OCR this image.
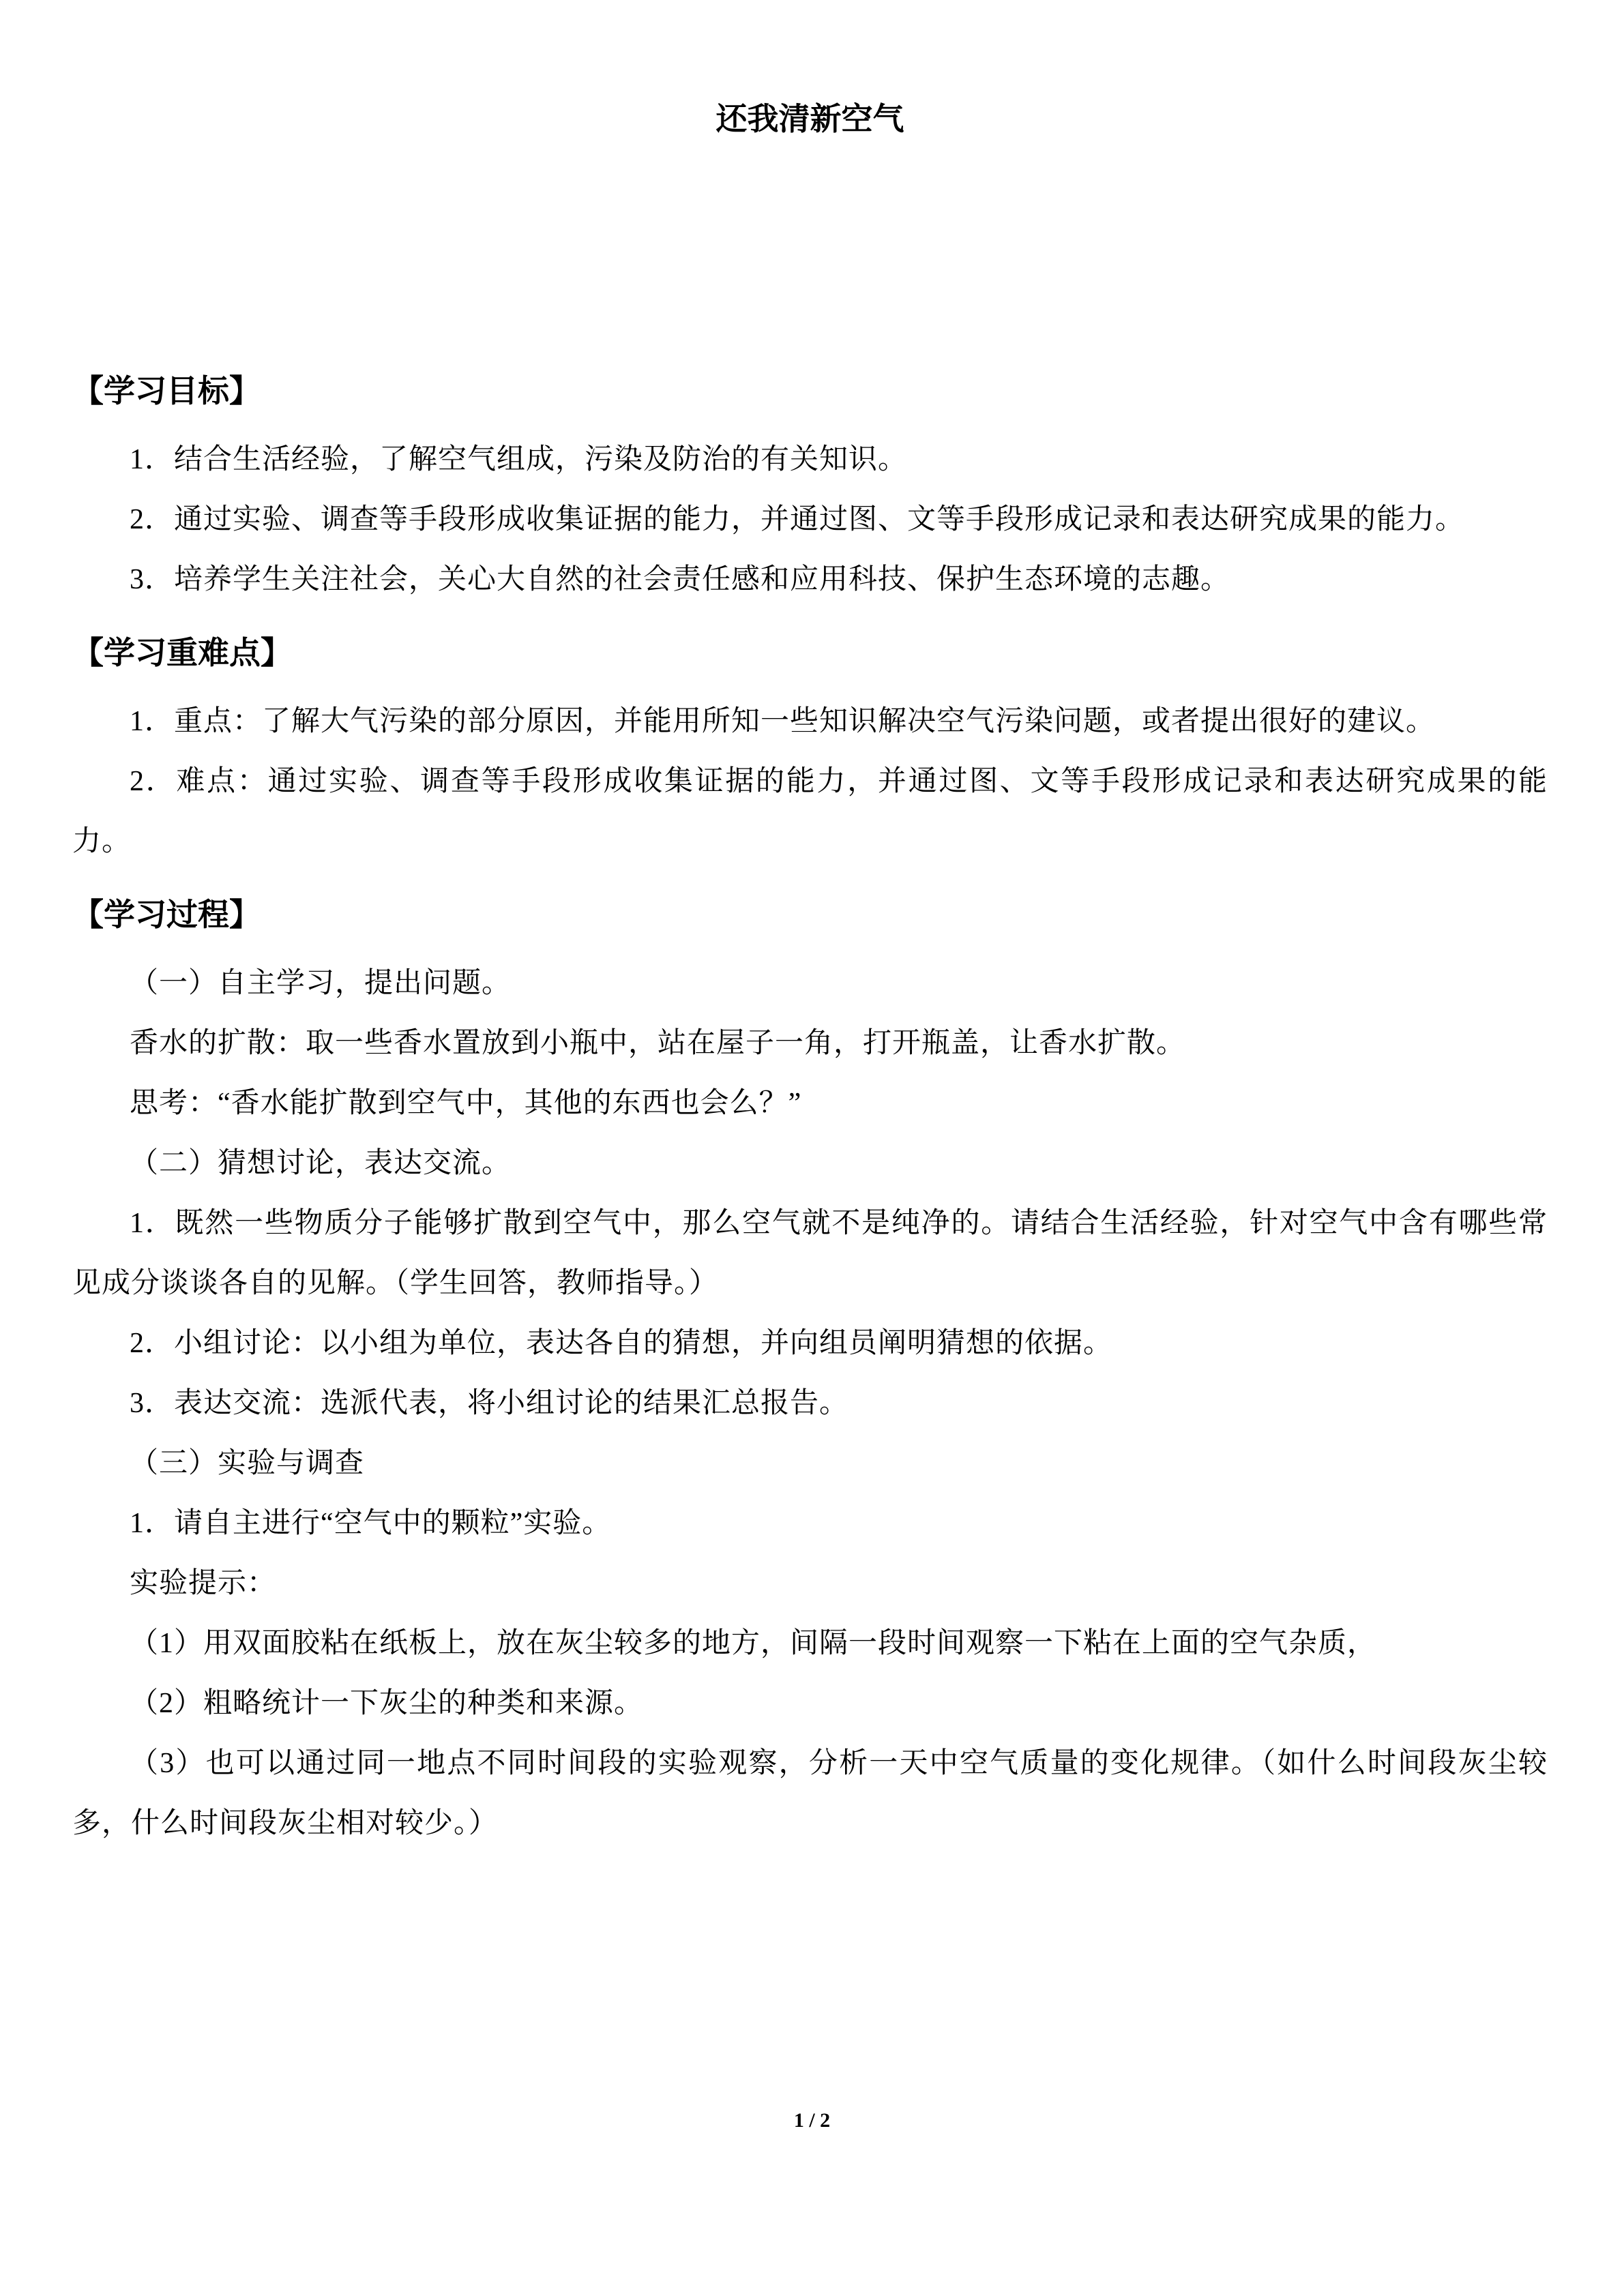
还我清新空气
【学习目标】

1．结合生活经验，了解空气组成，污染及防治的有关知识。

2．通过实验、调查等手段形成收集证据的能力，并通过图、文等手段形成记录和表达研究成果的能力。

3．培养学生关注社会，关心大自然的社会责任感和应用科技、保护生态环境的志趣。

【学习重难点】

1．重点：了解大气污染的部分原因，并能用所知一些知识解决空气污染问题，或者提出很好的建议。

2．难点：通过实验、调查等手段形成收集证据的能力，并通过图、文等手段形成记录和表达研究成果的能力。

【学习过程】

（一）自主学习，提出问题。

香水的扩散：取一些香水置放到小瓶中，站在屋子一角，打开瓶盖，让香水扩散。

思考：“香水能扩散到空气中，其他的东西也会么？”

（二）猜想讨论，表达交流。

1．既然一些物质分子能够扩散到空气中，那么空气就不是纯净的。请结合生活经验，针对空气中含有哪些常见成分谈谈各自的见解。（学生回答，教师指导。）

2．小组讨论：以小组为单位，表达各自的猜想，并向组员阐明猜想的依据。

3．表达交流：选派代表，将小组讨论的结果汇总报告。

（三）实验与调查

1．请自主进行“空气中的颗粒”实验。

实验提示：

（1）用双面胶粘在纸板上，放在灰尘较多的地方，间隔一段时间观察一下粘在上面的空气杂质，

（2）粗略统计一下灰尘的种类和来源。

（3）也可以通过同一地点不同时间段的实验观察，分析一天中空气质量的变化规律。（如什么时间段灰尘较多，什么时间段灰尘相对较少。）

1 / 2
